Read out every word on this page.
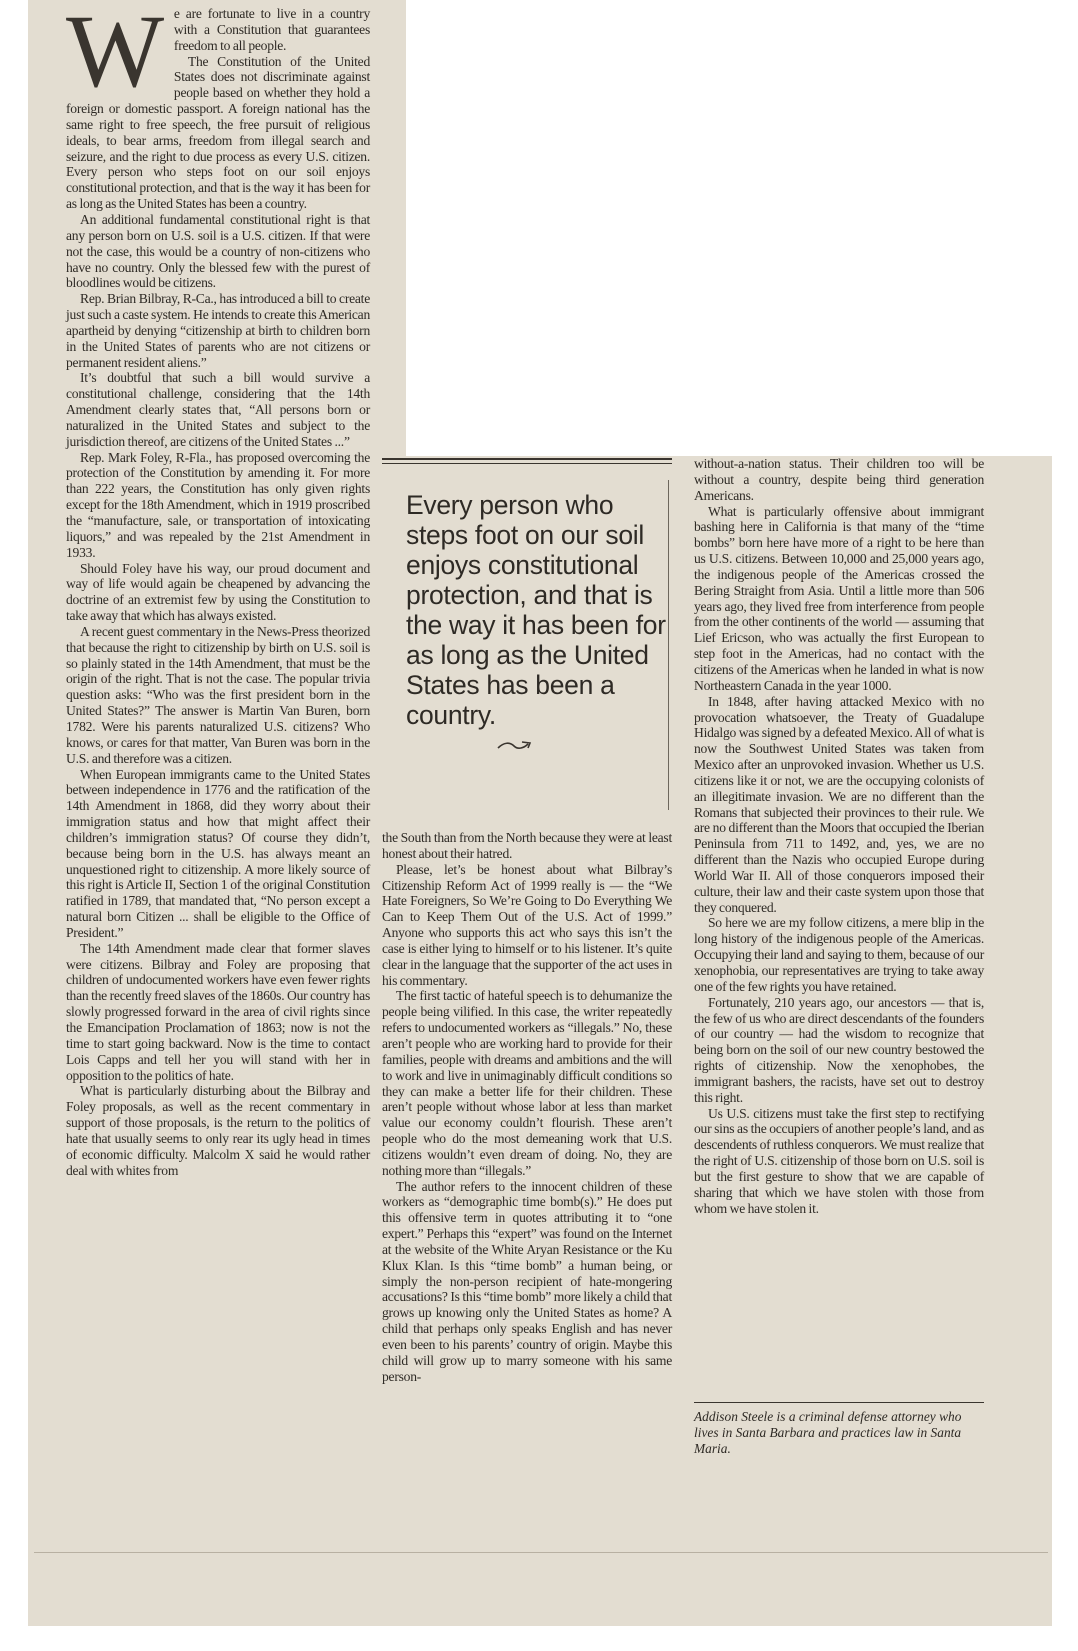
W e are fortunate to live in a country with a Constitution that guarantees freedom to all people.

The Constitution of the United States does not discriminate against people based on whether they hold a foreign or domestic passport. A foreign national has the same right to free speech, the free pursuit of religious ideals, to bear arms, freedom from illegal search and seizure, and the right to due process as every U.S. citizen. Every person who steps foot on our soil enjoys constitutional protection, and that is the way it has been for as long as the United States has been a country.

An additional fundamental constitutional right is that any person born on U.S. soil is a U.S. citizen. If that were not the case, this would be a country of non-citizens who have no country. Only the blessed few with the purest of bloodlines would be citizens.

Rep. Brian Bilbray, R-Ca., has introduced a bill to create just such a caste system. He intends to create this American apartheid by denying “citizenship at birth to children born in the United States of parents who are not citizens or permanent resident aliens.”

It’s doubtful that such a bill would survive a constitutional challenge, considering that the 14th Amendment clearly states that, “All persons born or naturalized in the United States and subject to the jurisdiction thereof, are citizens of the United States ...”

Rep. Mark Foley, R-Fla., has proposed overcoming the protection of the Constitution by amending it. For more than 222 years, the Constitution has only given rights except for the 18th Amendment, which in 1919 proscribed the “manufacture, sale, or transportation of intoxicating liquors,” and was repealed by the 21st Amendment in 1933.

Should Foley have his way, our proud document and way of life would again be cheapened by advancing the doctrine of an extremist few by using the Constitution to take away that which has always existed.

A recent guest commentary in the News-Press theorized that because the right to citizenship by birth on U.S. soil is so plainly stated in the 14th Amendment, that must be the origin of the right. That is not the case. The popular trivia question asks: “Who was the first president born in the United States?” The answer is Martin Van Buren, born 1782. Were his parents naturalized U.S. citizens? Who knows, or cares for that matter, Van Buren was born in the U.S. and therefore was a citizen.

When European immigrants came to the United States between independence in 1776 and the ratification of the 14th Amendment in 1868, did they worry about their immigration status and how that might affect their children’s immigration status? Of course they didn’t, because being born in the U.S. has always meant an unquestioned right to citizenship. A more likely source of this right is Article II, Section 1 of the original Constitution ratified in 1789, that mandated that, “No person except a natural born Citizen ... shall be eligible to the Office of President.”

The 14th Amendment made clear that former slaves were citizens. Bilbray and Foley are proposing that children of undocumented workers have even fewer rights than the recently freed slaves of the 1860s. Our country has slowly progressed forward in the area of civil rights since the Emancipation Proclamation of 1863; now is not the time to start going backward. Now is the time to contact Lois Capps and tell her you will stand with her in opposition to the politics of hate.

What is particularly disturbing about the Bilbray and Foley proposals, as well as the recent commentary in support of those proposals, is the return to the politics of hate that usually seems to only rear its ugly head in times of economic difficulty. Malcolm X said he would rather deal with whites from

Every person who steps foot on our soil enjoys constitutional protection, and that is the way it has been for as long as the United States has been a country.

the South than from the North because they were at least honest about their hatred.

Please, let’s be honest about what Bilbray’s Citizenship Reform Act of 1999 really is — the “We Hate Foreigners, So We’re Going to Do Everything We Can to Keep Them Out of the U.S. Act of 1999.” Anyone who supports this act who says this isn’t the case is either lying to himself or to his listener. It’s quite clear in the language that the supporter of the act uses in his commentary.

The first tactic of hateful speech is to dehumanize the people being vilified. In this case, the writer repeatedly refers to undocumented workers as “illegals.” No, these aren’t people who are working hard to provide for their families, people with dreams and ambitions and the will to work and live in unimaginably difficult conditions so they can make a better life for their children. These aren’t people without whose labor at less than market value our economy couldn’t flourish. These aren’t people who do the most demeaning work that U.S. citizens wouldn’t even dream of doing. No, they are nothing more than “illegals.”

The author refers to the innocent children of these workers as “demographic time bomb(s).” He does put this offensive term in quotes attributing it to “one expert.” Perhaps this “expert” was found on the Internet at the website of the White Aryan Resistance or the Ku Klux Klan. Is this “time bomb” a human being, or simply the non-person recipient of hate-mongering accusations? Is this “time bomb” more likely a child that grows up knowing only the United States as home? A child that perhaps only speaks English and has never even been to his parents’ country of origin. Maybe this child will grow up to marry someone with his same person-

without-a-nation status. Their children too will be without a country, despite being third generation Americans.

What is particularly offensive about immigrant bashing here in California is that many of the “time bombs” born here have more of a right to be here than us U.S. citizens. Between 10,000 and 25,000 years ago, the indigenous people of the Americas crossed the Bering Straight from Asia. Until a little more than 506 years ago, they lived free from interference from people from the other continents of the world — assuming that Lief Ericson, who was actually the first European to step foot in the Americas, had no contact with the citizens of the Americas when he landed in what is now Northeastern Canada in the year 1000.

In 1848, after having attacked Mexico with no provocation whatsoever, the Treaty of Guadalupe Hidalgo was signed by a defeated Mexico. All of what is now the Southwest United States was taken from Mexico after an unprovoked invasion. Whether us U.S. citizens like it or not, we are the occupying colonists of an illegitimate invasion. We are no different than the Romans that subjected their provinces to their rule. We are no different than the Moors that occupied the Iberian Peninsula from 711 to 1492, and, yes, we are no different than the Nazis who occupied Europe during World War II. All of those conquerors imposed their culture, their law and their caste system upon those that they conquered.

So here we are my follow citizens, a mere blip in the long history of the indigenous people of the Americas. Occupying their land and saying to them, because of our xenophobia, our representatives are trying to take away one of the few rights you have retained.

Fortunately, 210 years ago, our ancestors — that is, the few of us who are direct descendants of the founders of our country — had the wisdom to recognize that being born on the soil of our new country bestowed the rights of citizenship. Now the xenophobes, the immigrant bashers, the racists, have set out to destroy this right.

Us U.S. citizens must take the first step to rectifying our sins as the occupiers of another people’s land, and as descendents of ruthless conquerors. We must realize that the right of U.S. citizenship of those born on U.S. soil is but the first gesture to show that we are capable of sharing that which we have stolen with those from whom we have stolen it.

Addison Steele is a criminal defense attorney who lives in Santa Barbara and practices law in Santa Maria.
